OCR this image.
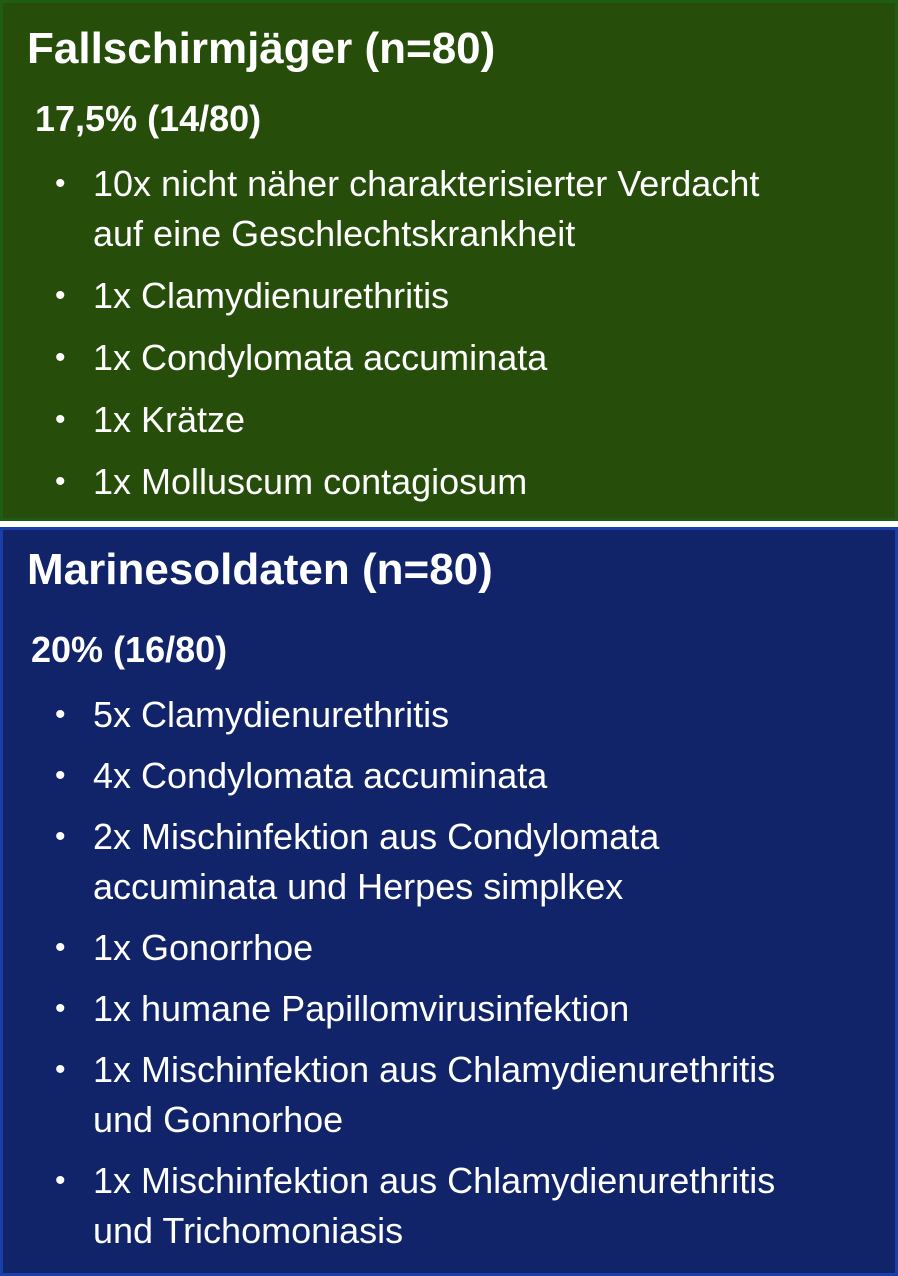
Fallschirmjäger (n=80)
17,5% (14/80)
• 10x nicht näher charakterisierter Verdacht
auf eine Geschlechtskrankheit
• 1x Clamydienurethritis
• 1x Condylomata accuminata
• 1x Krätze
• 1x Molluscum contagiosum
Marinesoldaten (n=80)
20% (16/80)
• 5x Clamydienurethritis
• 4x Condylomata accuminata
• 2x Mischinfektion aus Condylomata
accuminata und Herpes simplkex
• 1x Gonorrhoe
• 1x humane Papillomvirusinfektion
• 1x Mischinfektion aus Chlamydienurethritis
und Gonnorhoe
• 1x Mischinfektion aus Chlamydienurethritis
und Trichomoniasis
